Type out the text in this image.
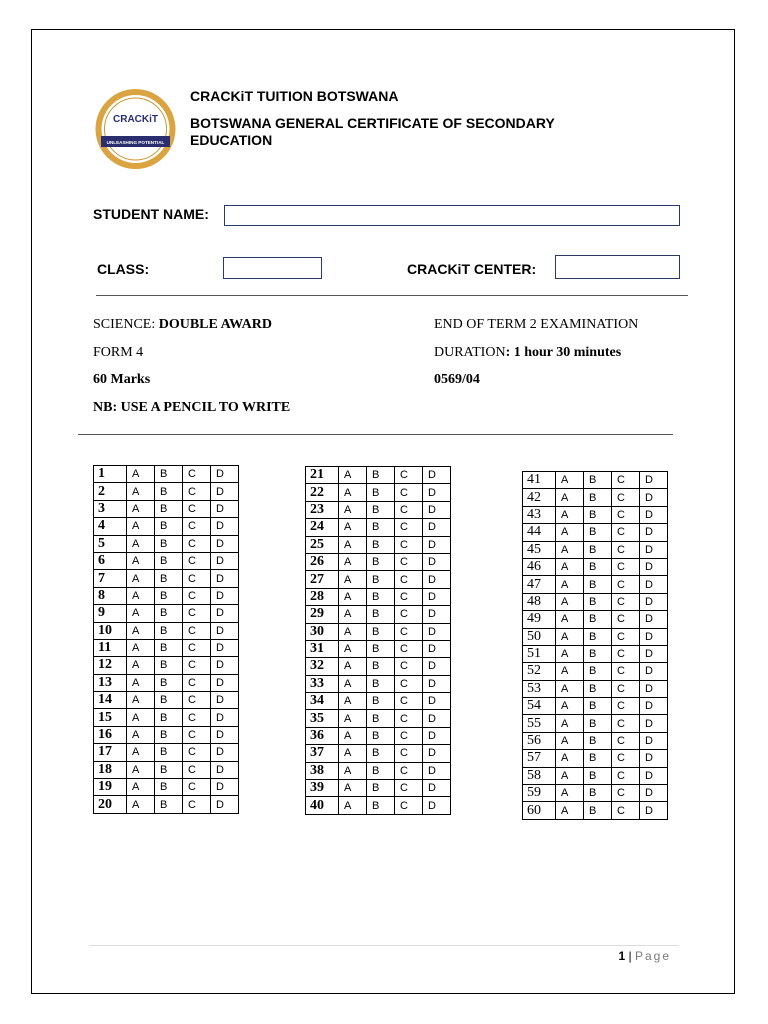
CRACKiT
UNLEASHING POTENTIAL
CRACKiT TUITION BOTSWANA
BOTSWANA GENERAL CERTIFICATE OF SECONDARY EDUCATION
STUDENT NAME:
CLASS:	CRACKiT CENTER:
SCIENCE: DOUBLE AWARD	END OF TERM 2 EXAMINATION
FORM 4	DURATION: 1 hour 30 minutes
60 Marks	0569/04
NB: USE A PENCIL TO WRITE
1	A	B	C	D
2	A	B	C	D
3	A	B	C	D
4	A	B	C	D
5	A	B	C	D
6	A	B	C	D
7	A	B	C	D
8	A	B	C	D
9	A	B	C	D
10	A	B	C	D
11	A	B	C	D
12	A	B	C	D
13	A	B	C	D
14	A	B	C	D
15	A	B	C	D
16	A	B	C	D
17	A	B	C	D
18	A	B	C	D
19	A	B	C	D
20	A	B	C	D
21	A	B	C	D
22	A	B	C	D
23	A	B	C	D
24	A	B	C	D
25	A	B	C	D
26	A	B	C	D
27	A	B	C	D
28	A	B	C	D
29	A	B	C	D
30	A	B	C	D
31	A	B	C	D
32	A	B	C	D
33	A	B	C	D
34	A	B	C	D
35	A	B	C	D
36	A	B	C	D
37	A	B	C	D
38	A	B	C	D
39	A	B	C	D
40	A	B	C	D
41	A	B	C	D
42	A	B	C	D
43	A	B	C	D
44	A	B	C	D
45	A	B	C	D
46	A	B	C	D
47	A	B	C	D
48	A	B	C	D
49	A	B	C	D
50	A	B	C	D
51	A	B	C	D
52	A	B	C	D
53	A	B	C	D
54	A	B	C	D
55	A	B	C	D
56	A	B	C	D
57	A	B	C	D
58	A	B	C	D
59	A	B	C	D
60	A	B	C	D
1 | Page
